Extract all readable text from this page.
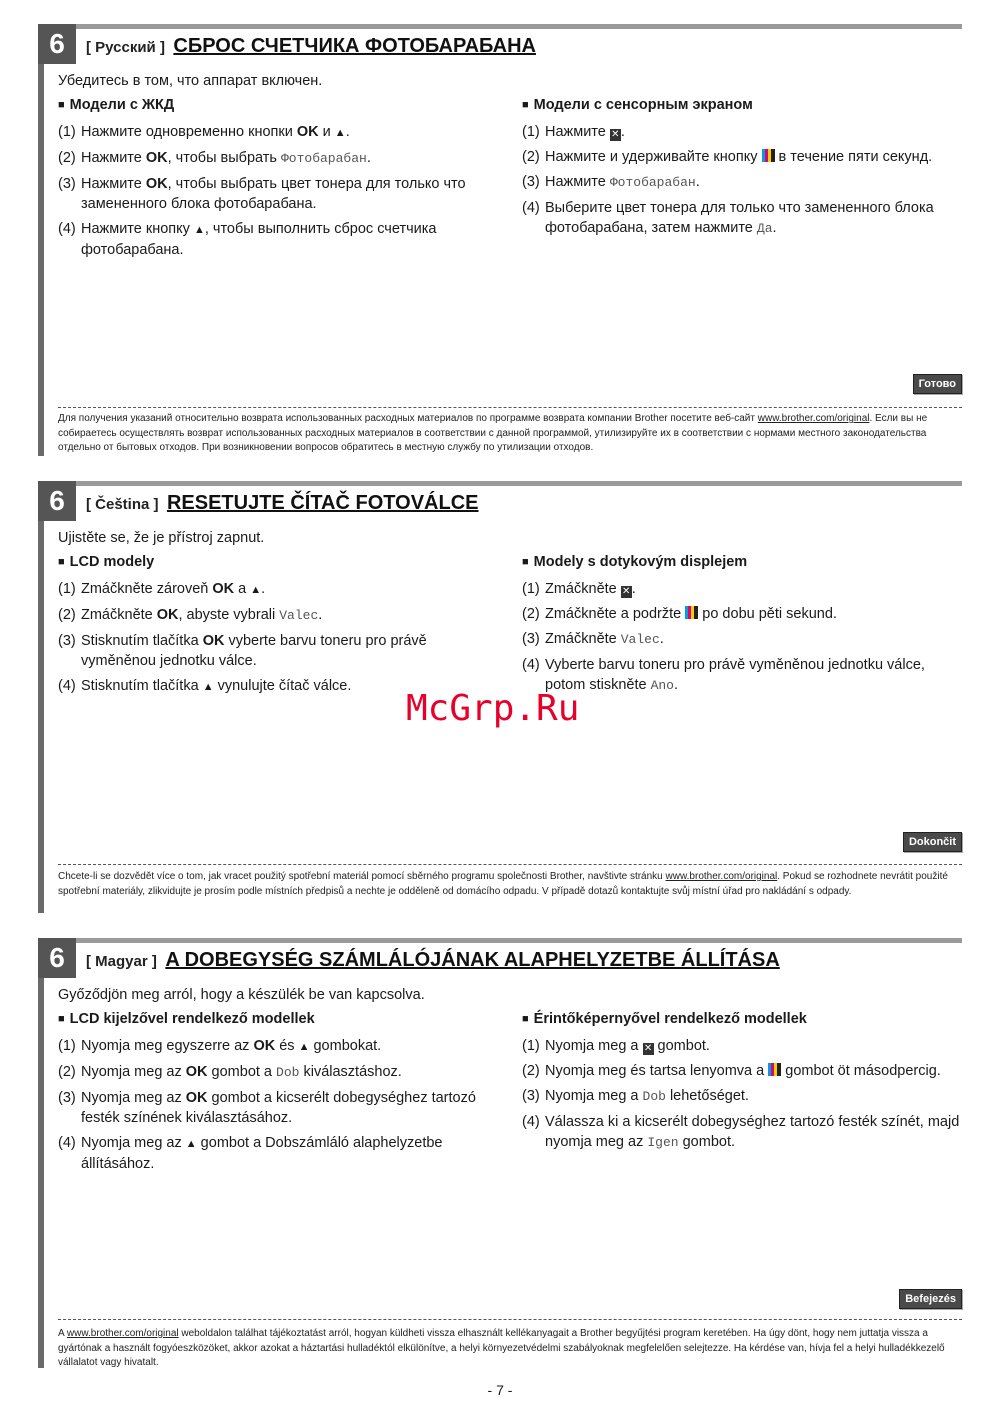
6	[ Русский ] СБРОС СЧЕТЧИКА ФОТОБАРАБАНА
Убедитесь в том, что аппарат включен.
■ Модели с ЖКД
(1) Нажмите одновременно кнопки OK и ▲.
(2) Нажмите OK, чтобы выбрать Фотобарабан.
(3) Нажмите OK, чтобы выбрать цвет тонера для только что замененного блока фотобарабана.
(4) Нажмите кнопку ▲, чтобы выполнить сброс счетчика фотобарабана.
■ Модели с сенсорным экраном
(1) Нажмите ✕.
(2) Нажмите и удерживайте кнопку  в течение пяти секунд.
(3) Нажмите Фотобарабан.
(4) Выберите цвет тонера для только что замененного блока фотобарабана, затем нажмите Да.
Готово
Для получения указаний относительно возврата использованных расходных материалов по программе возврата компании Brother посетите веб-сайт www.brother.com/original. Если вы не собираетесь осуществлять возврат использованных расходных материалов в соответствии с данной программой, утилизируйте их в соответствии с нормами местного законодательства отдельно от бытовых отходов. При возникновении вопросов обратитесь в местную службу по утилизации отходов.
6	[ Čeština ] RESETUJTE ČÍTAČ FOTOVÁLCE
Ujistěte se, že je přístroj zapnut.
■ LCD modely
(1) Zmáčkněte zároveň OK a ▲.
(2) Zmáčkněte OK, abyste vybrali Valec.
(3) Stisknutím tlačítka OK vyberte barvu toneru pro právě vyměněnou jednotku válce.
(4) Stisknutím tlačítka ▲ vynulujte čítač válce.
■ Modely s dotykovým displejem
(1) Zmáčkněte ✕.
(2) Zmáčkněte a podržte  po dobu pěti sekund.
(3) Zmáčkněte Valec.
(4) Vyberte barvu toneru pro právě vyměněnou jednotku válce, potom stiskněte Ano.
Dokončit
Chcete-li se dozvědět více o tom, jak vracet použitý spotřební materiál pomocí sběrného programu společnosti Brother, navštivte stránku www.brother.com/original. Pokud se rozhodnete nevrátit použité spotřební materiály, zlikvidujte je prosím podle místních předpisů a nechte je odděleně od domácího odpadu. V případě dotazů kontaktujte svůj místní úřad pro nakládání s odpady.
6	[ Magyar ] A DOBEGYSÉG SZÁMLÁLÓJÁNAK ALAPHELYZETBE ÁLLÍTÁSA
Győződjön meg arról, hogy a készülék be van kapcsolva.
■ LCD kijelzővel rendelkező modellek
(1) Nyomja meg egyszerre az OK és ▲ gombokat.
(2) Nyomja meg az OK gombot a Dob kiválasztáshoz.
(3) Nyomja meg az OK gombot a kicserélt dobegységhez tartozó festék színének kiválasztásához.
(4) Nyomja meg az ▲ gombot a Dobszámláló alaphelyzetbe állításához.
■ Érintőképernyővel rendelkező modellek
(1) Nyomja meg a ✕ gombot.
(2) Nyomja meg és tartsa lenyomva a  gombot öt másodpercig.
(3) Nyomja meg a Dob lehetőséget.
(4) Válassza ki a kicserélt dobegységhez tartozó festék színét, majd nyomja meg az Igen gombot.
Befejezés
A www.brother.com/original weboldalon találhat tájékoztatást arról, hogyan küldheti vissza elhasznált kellékanyagait a Brother begyűjtési program keretében. Ha úgy dönt, hogy nem juttatja vissza a gyártónak a használt fogyóeszközöket, akkor azokat a háztartási hulladéktól elkülönítve, a helyi környezetvédelmi szabályoknak megfelelően selejtezze. Ha kérdése van, hívja fel a helyi hulladékkezelő vállalatot vagy hivatalt.
McGrp.Ru
- 7 -
